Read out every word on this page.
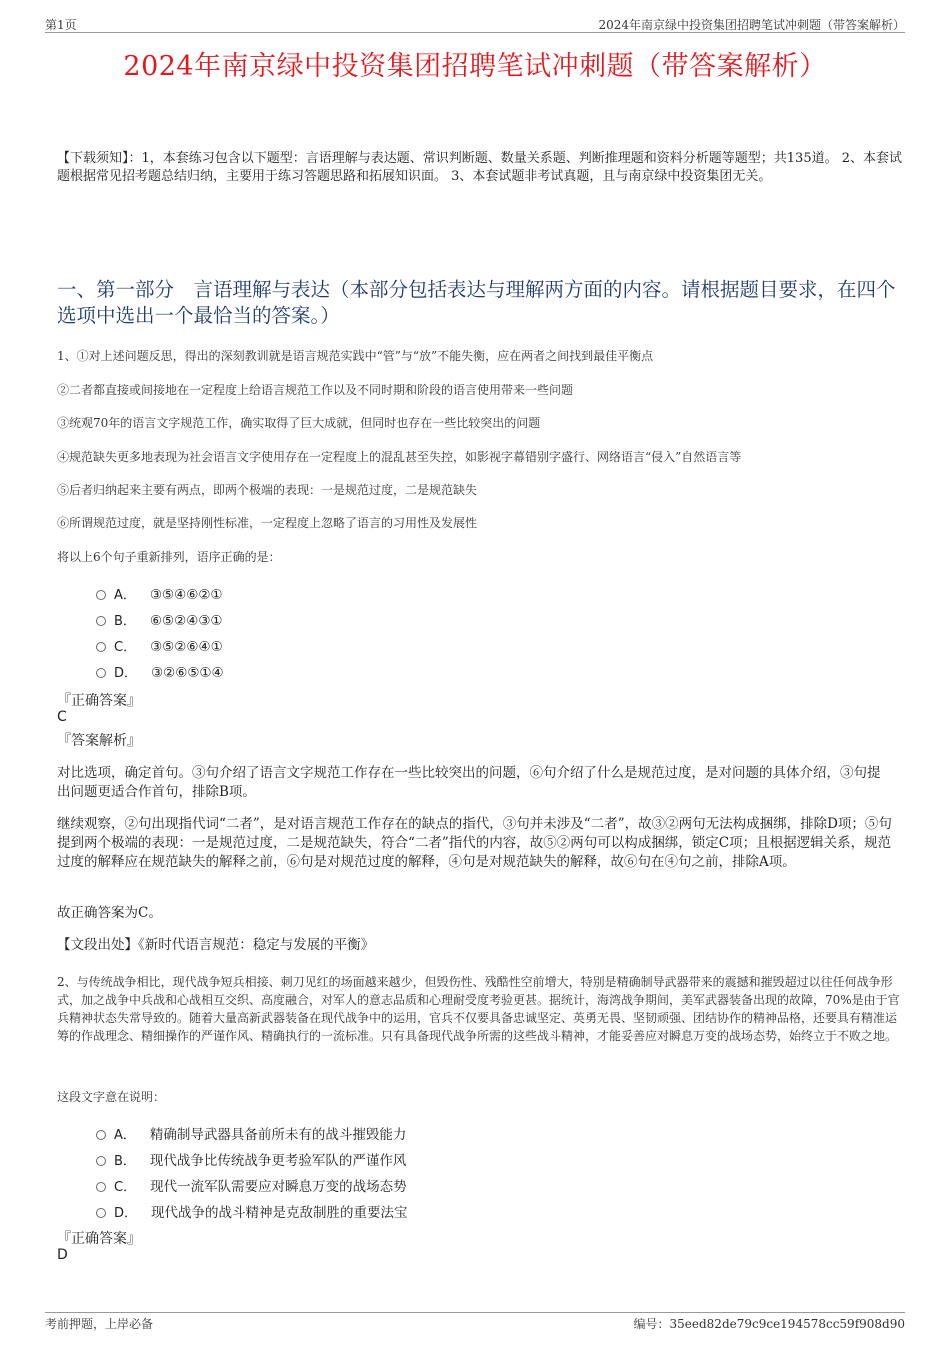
第1页	2024年南京绿中投资集团招聘笔试冲刺题（带答案解析）
2024年南京绿中投资集团招聘笔试冲刺题（带答案解析）
【下载须知】：1，本套练习包含以下题型：言语理解与表达题、常识判断题、数量关系题、判断推理题和资料分析题等题型；共135道。 2、本套试题根据常见招考题总结归纳，主要用于练习答题思路和拓展知识面。 3、本套试题非考试真题，且与南京绿中投资集团无关。
一、第一部分　言语理解与表达（本部分包括表达与理解两方面的内容。请根据题目要求，在四个选项中选出一个最恰当的答案。）
1、①对上述问题反思，得出的深刻教训就是语言规范实践中“管”与“放”不能失衡，应在两者之间找到最佳平衡点
②二者都直接或间接地在一定程度上给语言规范工作以及不同时期和阶段的语言使用带来一些问题
③统观70年的语言文字规范工作，确实取得了巨大成就，但同时也存在一些比较突出的问题
④规范缺失更多地表现为社会语言文字使用存在一定程度上的混乱甚至失控，如影视字幕错别字盛行、网络语言“侵入”自然语言等
⑤后者归纳起来主要有两点，即两个极端的表现：一是规范过度，二是规范缺失
⑥所谓规范过度，就是坚持刚性标准，一定程度上忽略了语言的习用性及发展性
将以上6个句子重新排列，语序正确的是：
A． ③⑤④⑥②①
B． ⑥⑤②④③①
C． ③⑤②⑥④①
D． ③②⑥⑤①④
『正确答案』
C
『答案解析』
对比选项，确定首句。③句介绍了语言文字规范工作存在一些比较突出的问题，⑥句介绍了什么是规范过度，是对问题的具体介绍，③句提出问题更适合作首句，排除B项。
继续观察，②句出现指代词“二者”，是对语言规范工作存在的缺点的指代，③句并未涉及“二者”，故③②两句无法构成捆绑，排除D项；⑤句提到两个极端的表现：一是规范过度，二是规范缺失，符合“二者”指代的内容，故⑤②两句可以构成捆绑，锁定C项；且根据逻辑关系，规范过度的解释应在规范缺失的解释之前，⑥句是对规范过度的解释，④句是对规范缺失的解释，故⑥句在④句之前，排除A项。
故正确答案为C。
【文段出处】《新时代语言规范：稳定与发展的平衡》
2、与传统战争相比，现代战争短兵相接、刺刀见红的场面越来越少，但毁伤性、残酷性空前增大，特别是精确制导武器带来的震撼和摧毁超过以往任何战争形式，加之战争中兵战和心战相互交织、高度融合，对军人的意志品质和心理耐受度考验更甚。据统计，海湾战争期间，美军武器装备出现的故障，70%是由于官兵精神状态失常导致的。随着大量高新武器装备在现代战争中的运用，官兵不仅要具备忠诚坚定、英勇无畏、坚韧顽强、团结协作的精神品格，还要具有精准运筹的作战理念、精细操作的严谨作风、精确执行的一流标准。只有具备现代战争所需的这些战斗精神，才能妥善应对瞬息万变的战场态势，始终立于不败之地。
这段文字意在说明：
A． 精确制导武器具备前所未有的战斗摧毁能力
B． 现代战争比传统战争更考验军队的严谨作风
C． 现代一流军队需要应对瞬息万变的战场态势
D． 现代战争的战斗精神是克敌制胜的重要法宝
『正确答案』
D
考前押题，上岸必备	编号：35eed82de79c9ce194578cc59f908d90
